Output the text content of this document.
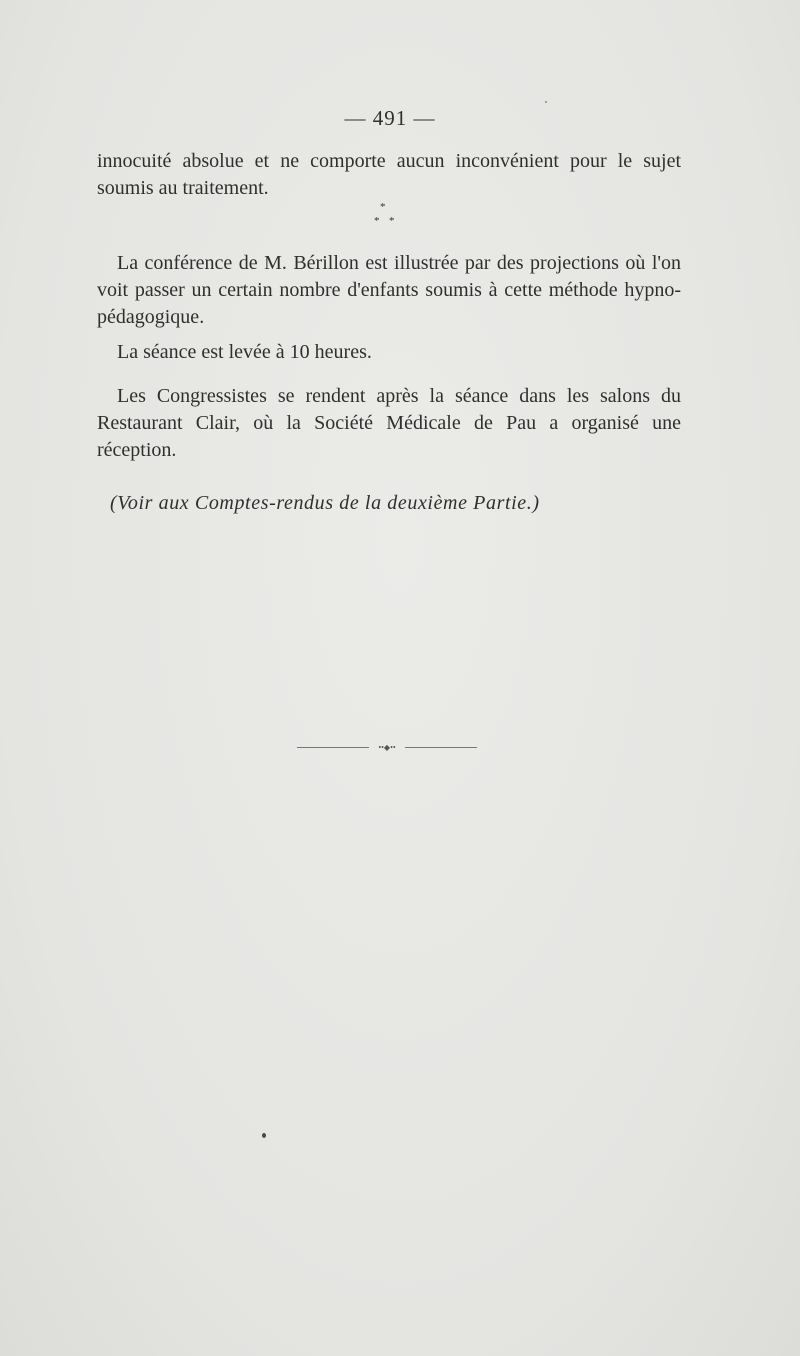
— 491 —
innocuité absolue et ne comporte aucun inconvénient pour le sujet soumis au traitement.
*
* *
La conférence de M. Bérillon est illustrée par des projections où l'on voit passer un certain nombre d'enfants soumis à cette méthode hypno-pédagogique.
La séance est levée à 10 heures.
Les Congressistes se rendent après la séance dans les salons du Restaurant Clair, où la Société Médicale de Pau a organisé une réception.
(Voir aux Comptes-rendus de la deuxième Partie.)
••◆••
